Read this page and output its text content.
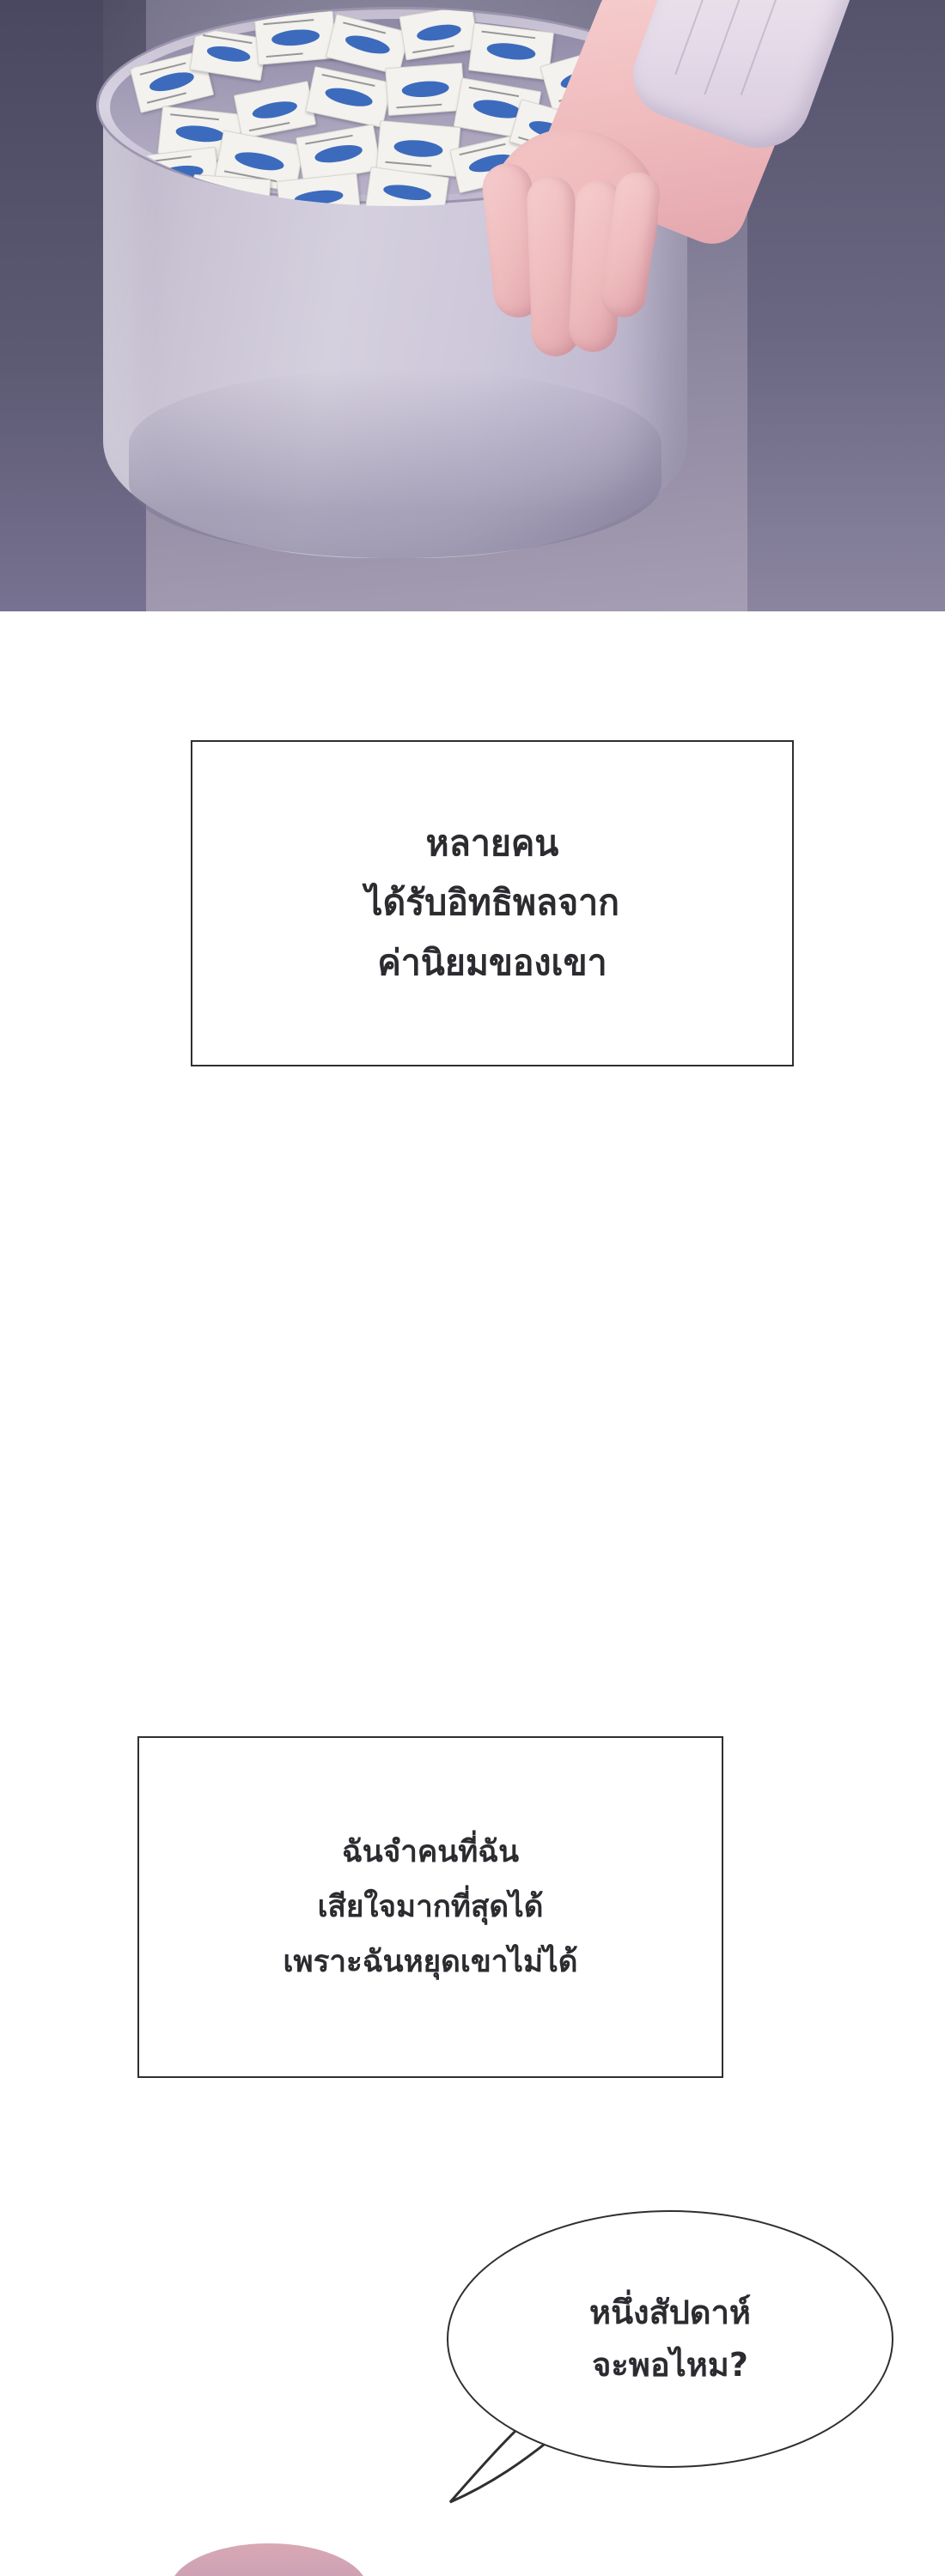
หลายคน
ได้รับอิทธิพลจาก
ค่านิยมของเขา
ฉันจำคนที่ฉัน
เสียใจมากที่สุดได้
เพราะฉันหยุดเขาไม่ได้
หนึ่งสัปดาห์
จะพอไหม?
